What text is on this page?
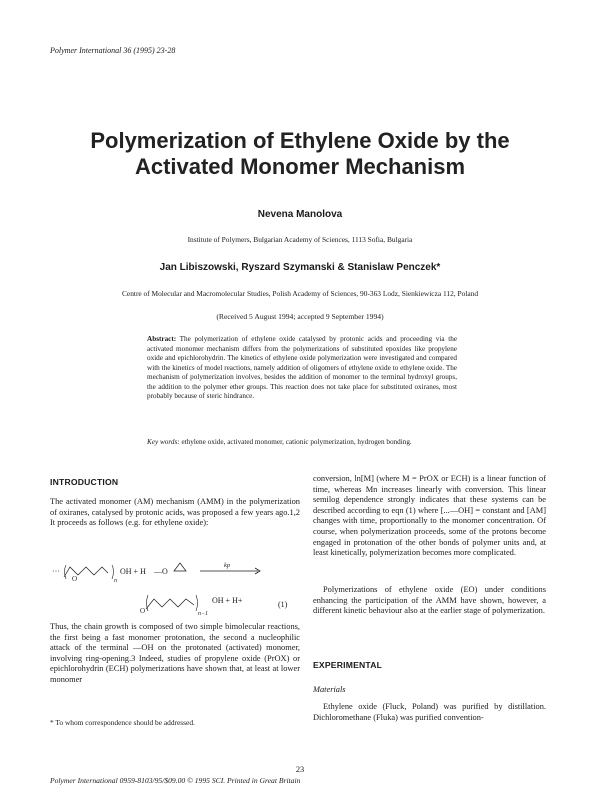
Polymer International 36 (1995) 23-28
Polymerization of Ethylene Oxide by the
Activated Monomer Mechanism
Nevena Manolova
Institute of Polymers, Bulgarian Academy of Sciences, 1113 Sofia, Bulgaria
Jan Libiszowski, Ryszard Szymanski & Stanislaw Penczek*
Centre of Molecular and Macromolecular Studies, Polish Academy of Sciences, 90-363 Lodz, Sienkiewicza 112, Poland
(Received 5 August 1994; accepted 9 September 1994)
Abstract: The polymerization of ethylene oxide catalysed by protonic acids and proceeding via the activated monomer mechanism differs from the polymerizations of substituted epoxides like propylene oxide and epichlorohydrin. The kinetics of ethylene oxide polymerization were investigated and compared with the kinetics of model reactions, namely addition of oligomers of ethylene oxide to ethylene oxide. The mechanism of polymerization involves, besides the addition of monomer to the terminal hydroxyl groups, the addition to the polymer ether groups. This reaction does not take place for substituted oxiranes, most probably because of steric hindrance.
Key words: ethylene oxide, activated monomer, cationic polymerization, hydrogen bonding.
INTRODUCTION
The activated monomer (AM) mechanism (AMM) in the polymerization of oxiranes, catalysed by protonic acids, was proposed a few years ago.1,2 It proceeds as follows (e.g. for ethylene oxide):
···
O	n
OH + H —O
kp
O	n−1
OH + H+	(1)
Thus, the chain growth is composed of two simple bimolecular reactions, the first being a fast monomer protonation, the second a nucleophilic attack of the terminal —OH on the protonated (activated) monomer, involving ring-opening.3 Indeed, studies of propylene oxide (PrOX) or epichlorohydrin (ECH) polymerizations have shown that, at least at lower monomer
conversion, ln[M] (where M = PrOX or ECH) is a linear function of time, whereas Mn increases linearly with conversion. This linear semilog dependence strongly indicates that these systems can be described according to eqn (1) where [...—OH] = constant and [AM] changes with time, proportionally to the monomer concentration. Of course, when polymerization proceeds, some of the protons become engaged in protonation of the other bonds of polymer units and, at least kinetically, polymerization becomes more complicated.
Polymerizations of ethylene oxide (EO) under conditions enhancing the participation of the AMM have shown, however, a different kinetic behaviour also at the earlier stage of polymerization.
EXPERIMENTAL
Materials
Ethylene oxide (Fluck, Poland) was purified by distillation. Dichloromethane (Fluka) was purified convention-
* To whom correspondence should be addressed.
23
Polymer International 0959-8103/95/$09.00 © 1995 SCI. Printed in Great Britain
